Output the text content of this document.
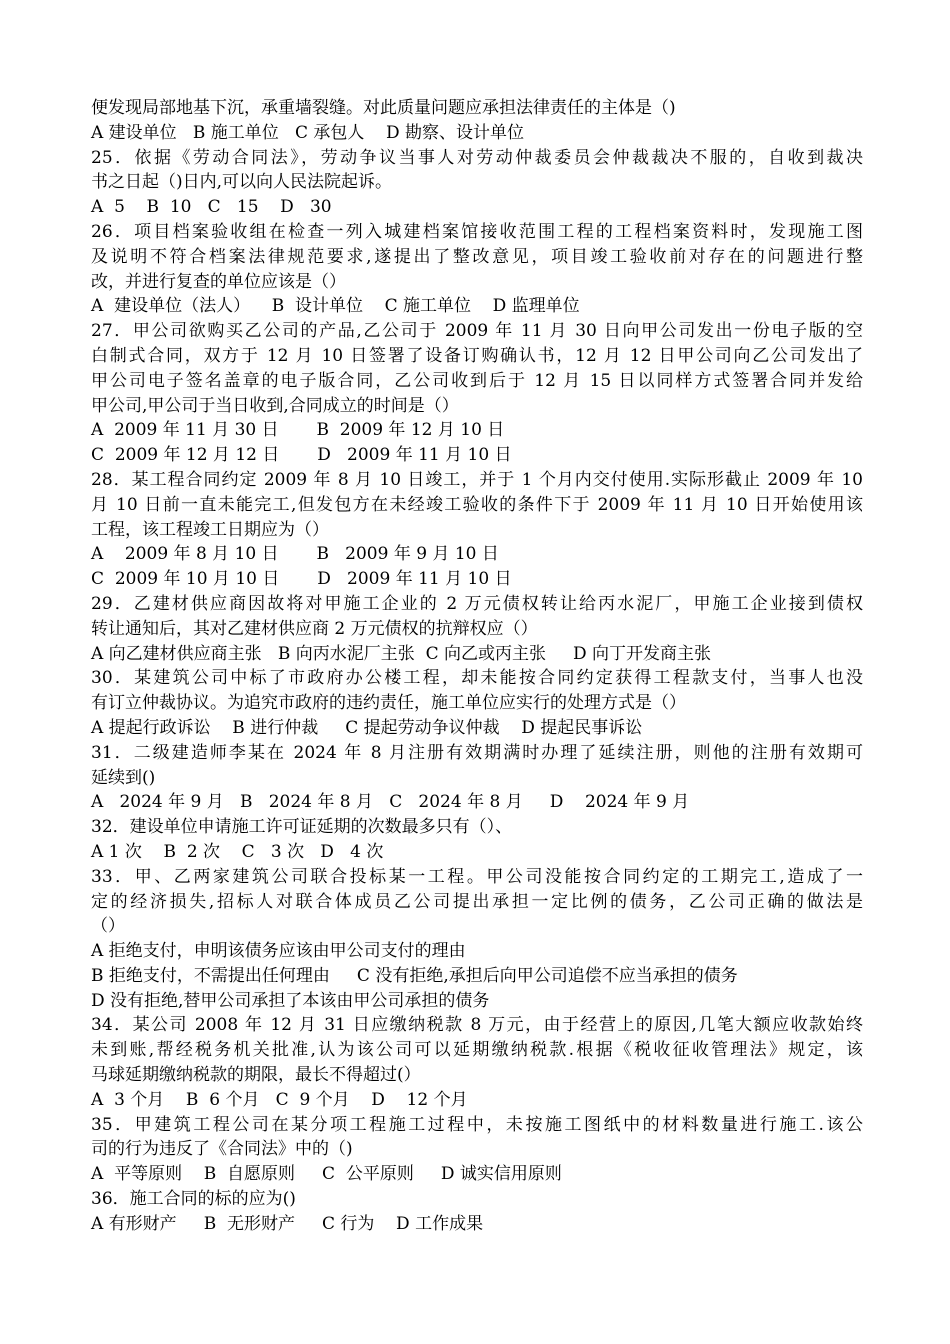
便发现局部地基下沉，承重墙裂缝。对此质量问题应承担法律责任的主体是（)

A 建设单位   B 施工单位   C 承包人    D 勘察、设计单位

25．依据《劳动合同法》，劳动争议当事人对劳动仲裁委员会仲裁裁决不服的，自收到裁决

书之日起（)日内,可以向人民法院起诉。

A  5    B  10   C   15    D   30

26．项目档案验收组在检查一列入城建档案馆接收范围工程的工程档案资料时，发现施工图

及说明不符合档案法律规范要求,遂提出了整改意见，项目竣工验收前对存在的问题进行整

改，并进行复查的单位应该是（）

A  建设单位（法人）    B  设计单位    C 施工单位    D 监理单位

27．甲公司欲购买乙公司的产品,乙公司于 2009 年 11 月 30 日向甲公司发出一份电子版的空

白制式合同，双方于 12 月 10 日签署了设备订购确认书，12 月 12 日甲公司向乙公司发出了

甲公司电子签名盖章的电子版合同，乙公司收到后于 12 月 15 日以同样方式签署合同并发给

甲公司,甲公司于当日收到,合同成立的时间是（）

A  2009 年 11 月 30 日       B  2009 年 12 月 10 日

C  2009 年 12 月 12 日       D   2009 年 11 月 10 日

28．某工程合同约定 2009 年 8 月 10 日竣工，并于 1 个月内交付使用.实际形截止 2009 年 10

月 10 日前一直未能完工,但发包方在未经竣工验收的条件下于 2009 年 11 月 10 日开始使用该

工程，该工程竣工日期应为（）

A    2009 年 8 月 10 日       B   2009 年 9 月 10 日

C  2009 年 10 月 10 日       D   2009 年 11 月 10 日

29．乙建材供应商因故将对甲施工企业的 2 万元债权转让给丙水泥厂，甲施工企业接到债权

转让通知后，其对乙建材供应商 2 万元债权的抗辩权应（）

A 向乙建材供应商主张   B 向丙水泥厂主张  C 向乙或丙主张     D 向丁开发商主张

30．某建筑公司中标了市政府办公楼工程，却未能按合同约定获得工程款支付，当事人也没

有订立仲裁协议。为追究市政府的违约责任，施工单位应实行的处理方式是（）

A 提起行政诉讼    B 进行仲裁     C 提起劳动争议仲裁    D 提起民事诉讼

31．二级建造师李某在 2024 年 8 月注册有效期满时办理了延续注册，则他的注册有效期可

延续到()

A   2024 年 9 月   B   2024 年 8 月   C   2024 年 8 月     D    2024 年 9 月

32．建设单位申请施工许可证延期的次数最多只有（）、

A 1 次    B  2 次    C   3 次   D   4 次

33．甲、乙两家建筑公司联合投标某一工程。甲公司没能按合同约定的工期完工,造成了一

定的经济损失,招标人对联合体成员乙公司提出承担一定比例的债务，乙公司正确的做法是

（）

A 拒绝支付，申明该债务应该由甲公司支付的理由

B 拒绝支付，不需提出任何理由     C 没有拒绝,承担后向甲公司追偿不应当承担的债务

D 没有拒绝,替甲公司承担了本该由甲公司承担的债务

34．某公司 2008 年 12 月 31 日应缴纳税款 8 万元，由于经营上的原因,几笔大额应收款始终

未到账,帮经税务机关批准,认为该公司可以延期缴纳税款.根据《税收征收管理法》规定，该

马球延期缴纳税款的期限，最长不得超过(）

A  3 个月    B  6 个月   C  9 个月    D    12 个月

35．甲建筑工程公司在某分项工程施工过程中，未按施工图纸中的材料数量进行施工.该公

司的行为违反了《合同法》中的（)

A  平等原则    B  自愿原则     C  公平原则     D 诚实信用原则

36．施工合同的标的应为()

A 有形财产     B  无形财产     C 行为    D 工作成果
